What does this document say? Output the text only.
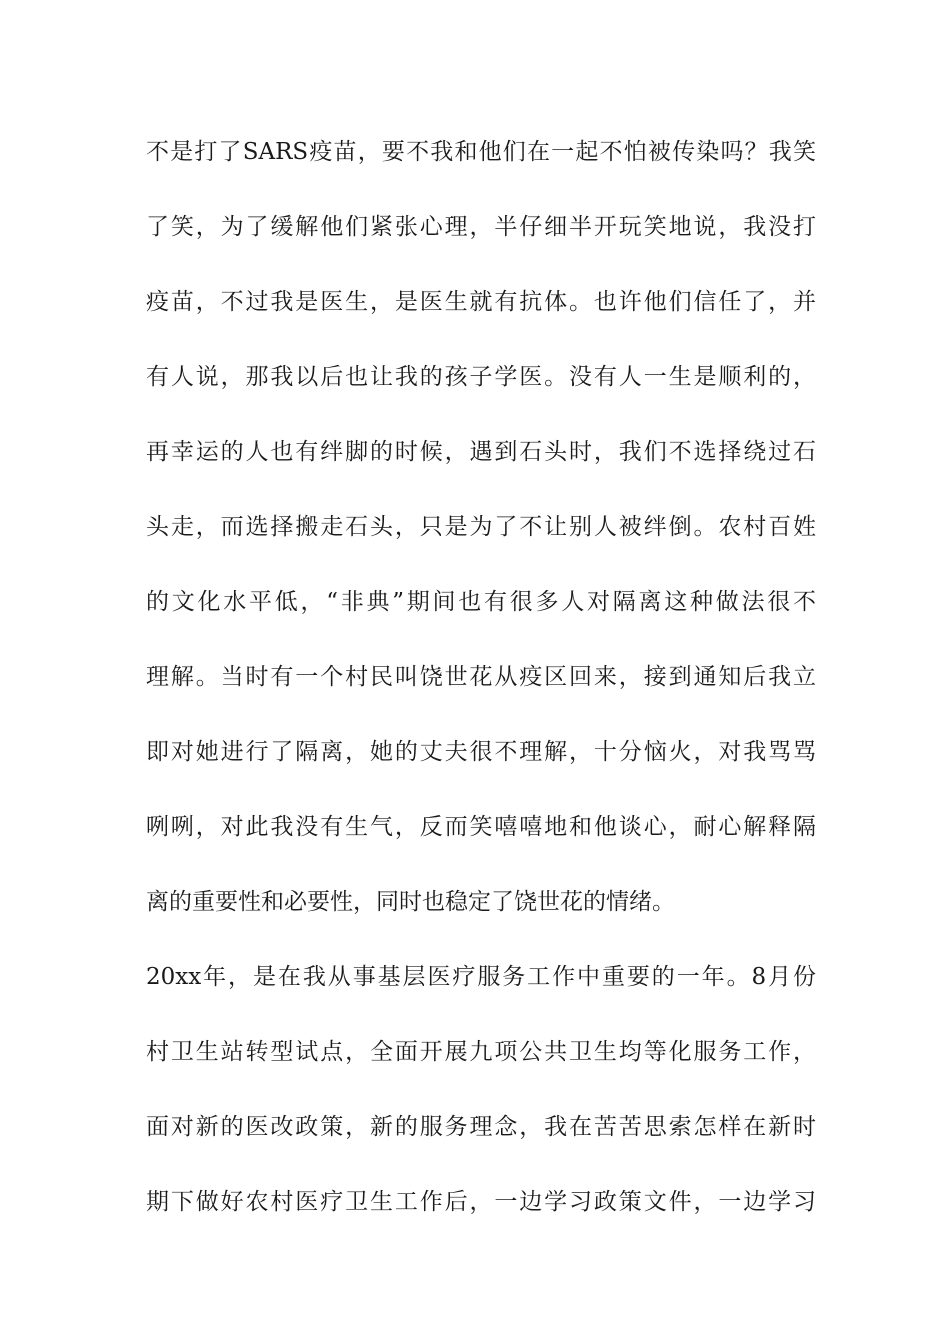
不是打了SARS疫苗，要不我和他们在一起不怕被传染吗？我笑
了笑，为了缓解他们紧张心理，半仔细半开玩笑地说，我没打
疫苗，不过我是医生，是医生就有抗体。也许他们信任了，并
有人说，那我以后也让我的孩子学医。没有人一生是顺利的，
再幸运的人也有绊脚的时候，遇到石头时，我们不选择绕过石
头走，而选择搬走石头，只是为了不让别人被绊倒。农村百姓
的文化水平低，“非典”期间也有很多人对隔离这种做法很不
理解。当时有一个村民叫饶世花从疫区回来，接到通知后我立
即对她进行了隔离，她的丈夫很不理解，十分恼火，对我骂骂
咧咧，对此我没有生气，反而笑嘻嘻地和他谈心，耐心解释隔
离的重要性和必要性，同时也稳定了饶世花的情绪。
20xx年，是在我从事基层医疗服务工作中重要的一年。8月份
村卫生站转型试点，全面开展九项公共卫生均等化服务工作，
面对新的医改政策，新的服务理念，我在苦苦思索怎样在新时
期下做好农村医疗卫生工作后，一边学习政策文件，一边学习
